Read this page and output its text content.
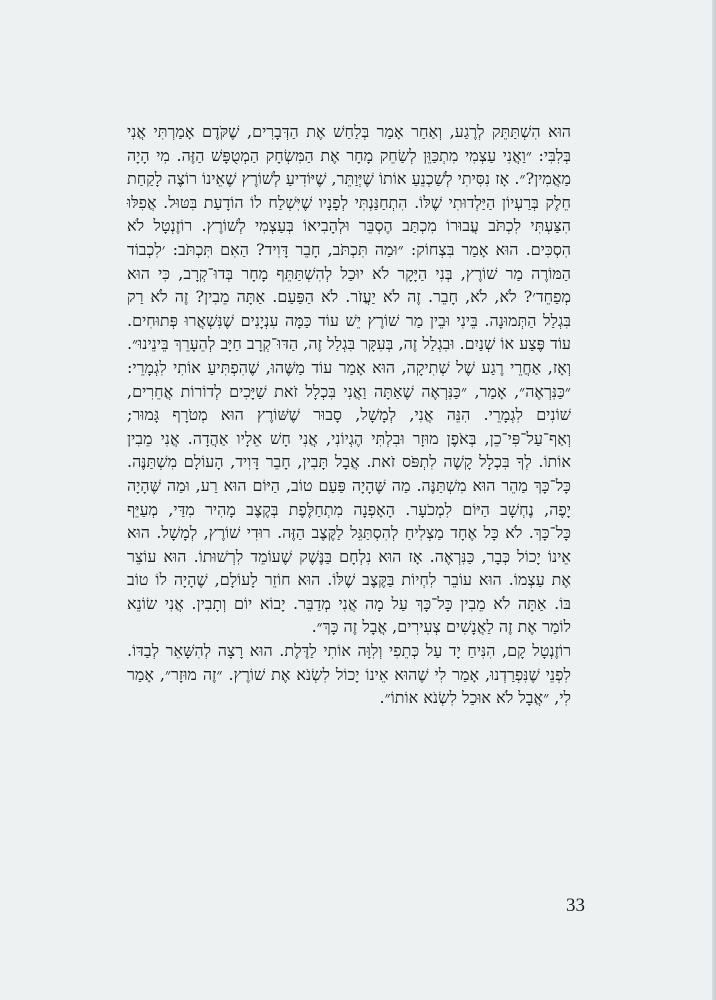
הוּא הִשְׁתַּתֵּק לְרֶגַע, וְאַחַר אָמַר בְּלַחַשׁ אֶת הַדְּבָרִים, שֶׁקֹּדֶם אָמַרְתִּי אֲנִי בְּלִבִּי: ״וַאֲנִי עַצְמִי מִתְכַּוֵּן לְשַׂחֵק מָחָר אֶת הַמִּשְׂחָק הַמְטֻפָּשׁ הַזֶּה. מִי הָיָה מַאֲמִין?״. אָז נִסִּיתִי לְשַׁכְנֵעַ אוֹתוֹ שֶׁיְּוַתֵּר, שֶׁיּוֹדִיעַ לְשׁוֹרֶץ שֶׁאֵינוֹ רוֹצֶה לָקַחַת חֵלֶק בְּרַעְיוֹן הַיַּלְדוּתִי שֶׁלּוֹ. הִתְחַנַּנְתִּי לְפָנָיו שֶׁיִּשְׁלַח לוֹ הוֹדָעַת בִּטּוּל. אֲפִלּוּ הִצַּעְתִּי לִכְתֹּב עֲבוּרוֹ מִכְתַּב הֶסְבֵּר וּלְהָבִיאוֹ בְּעַצְמִי לְשׁוֹרֶץ. רוֹזֶנְטָל לֹא הִסְכִּים. הוּא אָמַר בִּצְחוֹק: ״וּמַה תִּכְתֹּב, חָבֵר דָּוִיד? הַאִם תִּכְתֹּב: ׳לִכְבוֹד הַמּוֹרֶה מַר שׁוֹרֶץ, בְּנִי הַיָּקָר לֹא יוּכַל לְהִשְׁתַּתֵּף מָחָר בְּדוּ־קְרָב, כִּי הוּא מְפַחֵד׳? לֹא, לֹא, חָבֵר. זֶה לֹא יַעֲזֹר. לֹא הַפַּעַם. אַתָּה מֵבִין? זֶה לֹא רַק בִּגְלַל הַתְּמוּנָה. בֵּינִי וּבֵין מַר שׁוֹרֶץ יֵשׁ עוֹד כַּמָּה עִנְיָנִים שֶׁנִּשְׁאֲרוּ פְּתוּחִים. עוֹד פֶּצַע אוֹ שְׁנַיִם. וּבִגְלַל זֶה, בְּעִקָּר בִּגְלַל זֶה, הַדּוּ־קְרָב חַיָּב לְהֵעָרֵךְ בֵּינֵינוּ״. וְאָז, אַחֲרֵי רֶגַע שֶׁל שְׁתִיקָה, הוּא אָמַר עוֹד מַשֶּׁהוּ, שֶׁהִפְתִּיעַ אוֹתִי לִגְמָרֵי: ״כַּנִּרְאֶה״, אָמַר, ״כַּנִּרְאֶה שֶׁאַתָּה וַאֲנִי בִּכְלָל זֹאת שַׁיָּכִים לְדוֹרוֹת אֲחֵרִים, שׁוֹנִים לִגְמָרֵי. הִנֵּה אֲנִי, לְמָשָׁל, סָבוּר שֶׁשּׁוֹרֶץ הוּא מְטֹרָף גָּמוּר; וְאַף־עַל־פִּי־כֵן, בְּאֹפֶן מוּזָר וּבִלְתִּי הֶגְיוֹנִי, אֲנִי חָשׁ אֵלָיו אַהֲדָה. אֲנִי מֵבִין אוֹתוֹ. לְךָ בִּכְלָל קָשֶׁה לִתְפֹּס זֹאת. אֲבָל תָּבִין, חָבֵר דָּוִיד, הָעוֹלָם מִשְׁתַּנֶּה. כָּל־כָּךְ מַהֵר הוּא מִשְׁתַּנֶּה. מַה שֶּׁהָיָה פַּעַם טוֹב, הַיּוֹם הוּא רַע, וּמַה שֶּׁהָיָה יָפֶה, נֶחְשָׁב הַיּוֹם לִמְכֹעָר. הָאָפְנָה מִתְחַלֶּפֶת בְּקֶצֶב מָהִיר מִדַּי, מְעַיֵּף כָּל־כָּךְ. לֹא כָּל אֶחָד מַצְלִיחַ לְהִסְתַּגֵּל לַקֶּצֶב הַזֶּה. רוּדִי שׁוֹרֶץ, לְמָשָׁל. הוּא אֵינוֹ יָכוֹל כְּבָר, כַּנִּרְאֶה. אָז הוּא נִלְחָם בַּנֶּשֶׁק שֶׁעוֹמֵד לִרְשׁוּתוֹ. הוּא עוֹצֵר אֶת עַצְמוֹ. הוּא עוֹבֵר לִחְיוֹת בַּקֶּצֶב שֶׁלּוֹ. הוּא חוֹזֵר לָעוֹלָם, שֶׁהָיָה לוֹ טוֹב בּוֹ. אַתָּה לֹא מֵבִין כָּל־כָּךְ עַל מָה אֲנִי מְדַבֵּר. יָבוֹא יוֹם וְתָבִין. אֲנִי שׂוֹנֵא לוֹמַר אֶת זֶה לַאֲנָשִׁים צְעִירִים, אֲבָל זֶה כָּךְ״.

רוֹזֶנְטָל קָם, הִנִּיחַ יָד עַל כְּתֵפִי וְלִוָּה אוֹתִי לַדֶּלֶת. הוּא רָצָה לְהִשָּׁאֵר לְבַדּוֹ. לִפְנֵי שֶׁנִּפְרַדְנוּ, אָמַר לִי שֶׁהוּא אֵינוֹ יָכוֹל לִשְׂנֹא אֶת שׁוֹרֶץ. ״זֶה מוּזָר״, אָמַר לִי, ״אֲבָל לֹא אוּכַל לִשְׂנֹא אוֹתוֹ״.

33
